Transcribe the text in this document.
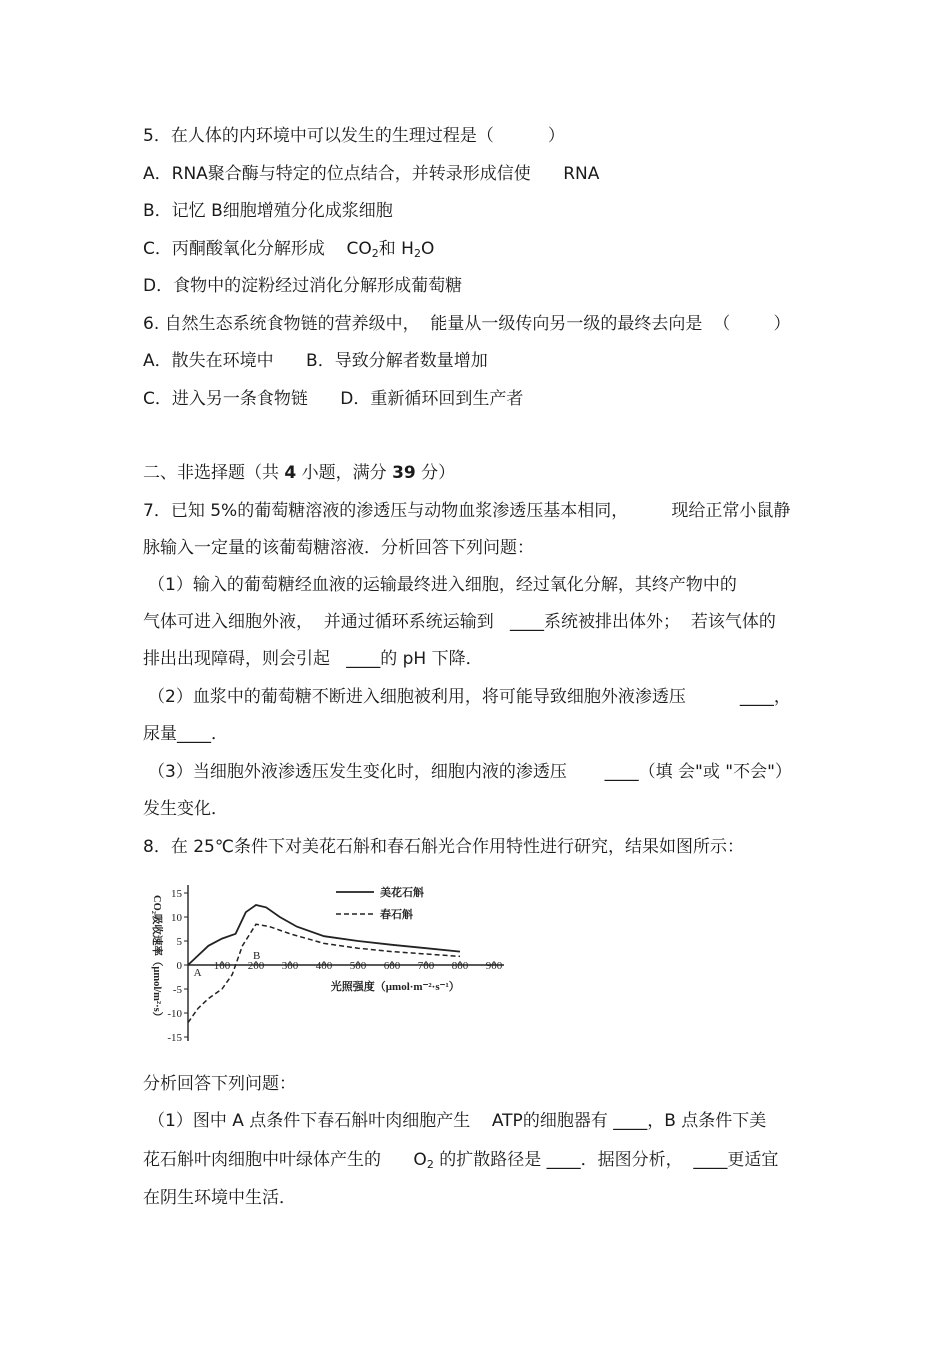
5．在人体的内环境中可以发生的生理过程是（          ）
A．RNA聚合酶与特定的位点结合，并转录形成信使      RNA
B．记忆 B细胞增殖分化成浆细胞
C．丙酮酸氧化分解形成    $CO_2$和 $H_2O$
D．食物中的淀粉经过消化分解形成葡萄糖
6. 自然生态系统食物链的营养级中，  能量从一级传向另一级的最终去向是  （        ）
A．散失在环境中      B．导致分解者数量增加
C．进入另一条食物链      D．重新循环回到生产者
二、非选择题（共 4 小题，满分 39 分）
7．已知 5%的葡萄糖溶液的渗透压与动物血浆渗透压基本相同，        现给正常小鼠静
脉输入一定量的该葡萄糖溶液．分析回答下列问题：
（1）输入的葡萄糖经血液的运输最终进入细胞，经过氧化分解，其终产物中的
气体可进入细胞外液，  并通过循环系统运输到   ____系统被排出体外；  若该气体的
排出出现障碍，则会引起   ____的 pH 下降．
（2）血浆中的葡萄糖不断进入细胞被利用，将可能导致细胞外液渗透压          ____，
尿量____．
（3）当细胞外液渗透压发生变化时，细胞内液的渗透压       ____（填 会"或 "不会"）
发生变化．
8．在 25℃条件下对美花石斛和春石斛光合作用特性进行研究，结果如图所示：
15
10
5
0
-5
-10
-15
100 200 300 400 500 600 700 800 900
A
B
光照强度（μmol·m⁻²·s⁻¹）
CO₂吸收速率（μmol/m²·s）
美花石斛
春石斛
分析回答下列问题：
（1）图中 A 点条件下春石斛叶肉细胞产生    ATP的细胞器有 ____，B 点条件下美
花石斛叶肉细胞中叶绿体产生的      $O_2$ 的扩散路径是 ____．据图分析，  ____更适宜
在阴生环境中生活．
